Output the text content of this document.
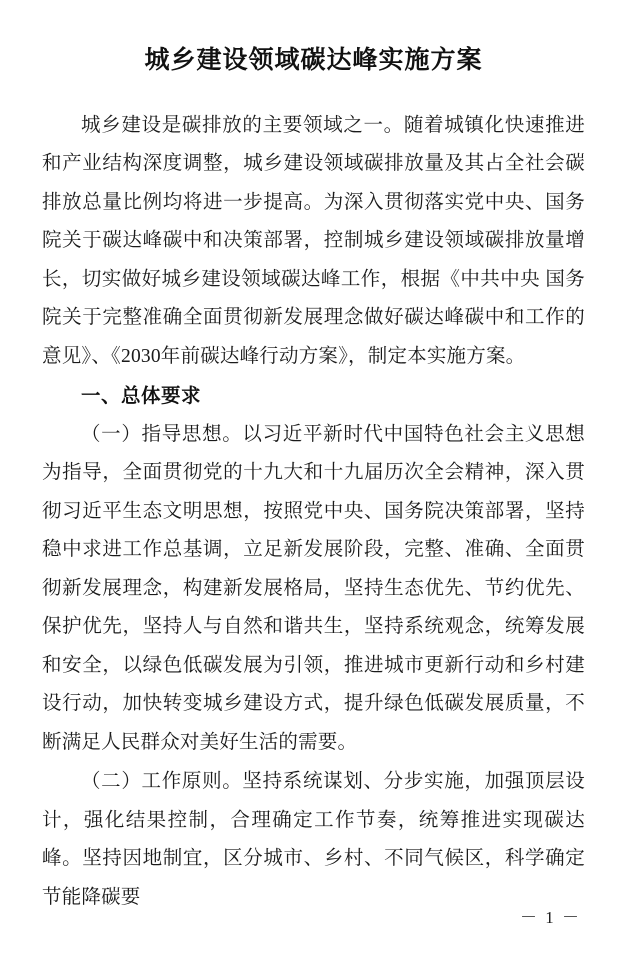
城乡建设领域碳达峰实施方案

城乡建设是碳排放的主要领域之一。随着城镇化快速推进和产业结构深度调整，城乡建设领域碳排放量及其占全社会碳排放总量比例均将进一步提高。为深入贯彻落实党中央、国务院关于碳达峰碳中和决策部署，控制城乡建设领域碳排放量增长，切实做好城乡建设领域碳达峰工作，根据《中共中央 国务院关于完整准确全面贯彻新发展理念做好碳达峰碳中和工作的意见》、《2030年前碳达峰行动方案》，制定本实施方案。

一、总体要求

（一）指导思想。以习近平新时代中国特色社会主义思想为指导，全面贯彻党的十九大和十九届历次全会精神，深入贯彻习近平生态文明思想，按照党中央、国务院决策部署，坚持稳中求进工作总基调，立足新发展阶段，完整、准确、全面贯彻新发展理念，构建新发展格局，坚持生态优先、节约优先、保护优先，坚持人与自然和谐共生，坚持系统观念，统筹发展和安全，以绿色低碳发展为引领，推进城市更新行动和乡村建设行动，加快转变城乡建设方式，提升绿色低碳发展质量，不断满足人民群众对美好生活的需要。

（二）工作原则。坚持系统谋划、分步实施，加强顶层设计，强化结果控制，合理确定工作节奏，统筹推进实现碳达峰。坚持因地制宜，区分城市、乡村、不同气候区，科学确定节能降碳要

－ 1 －
